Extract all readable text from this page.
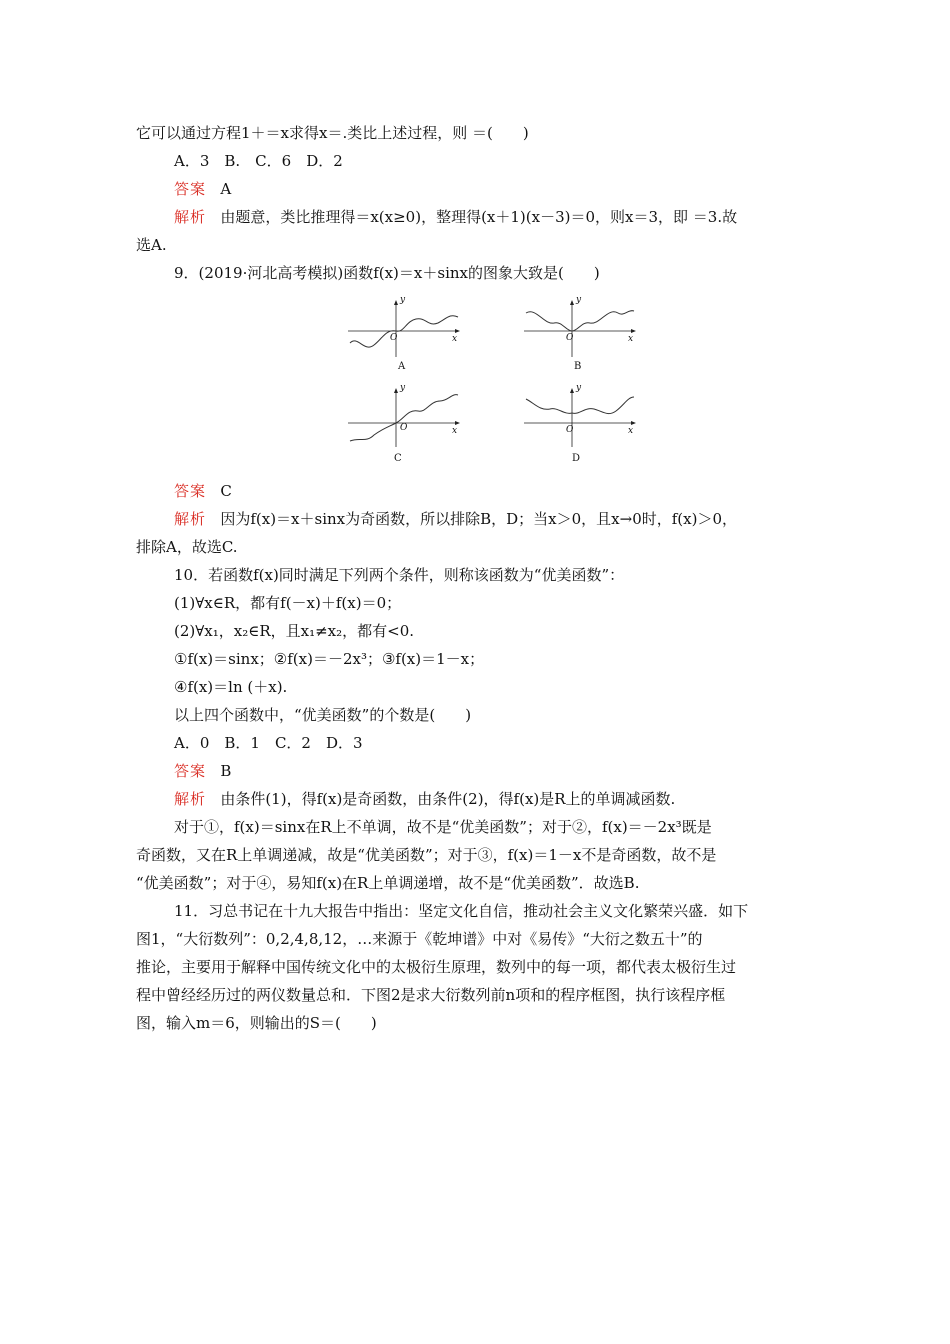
它可以通过方程1＋＝x求得x＝.类比上述过程，则 ＝(　　)
A．3　B.　C．6　D．2
答案 A
解析 由题意，类比推理得＝x(x≥0)，整理得(x＋1)(x－3)＝0，则x＝3，即 ＝3.故
选A.
9．(2019·河北高考模拟)函数f(x)＝x＋sinx的图象大致是(　　)
y
x
O
A
y
x
O
B
y
x
O
C
y
x
O
D
答案 C
解析 因为f(x)＝x＋sinx为奇函数，所以排除B，D；当x＞0，且x→0时，f(x)＞0，
排除A，故选C.
10．若函数f(x)同时满足下列两个条件，则称该函数为“优美函数”：
(1)∀x∈R，都有f(－x)＋f(x)＝0；
(2)∀x₁，x₂∈R，且x₁≠x₂，都有<0.
①f(x)＝sinx；②f(x)＝－2x³；③f(x)＝1－x；
④f(x)＝ln (＋x).
以上四个函数中，“优美函数”的个数是(　　)
A．0　B．1　C．2　D．3
答案 B
解析 由条件(1)，得f(x)是奇函数，由条件(2)，得f(x)是R上的单调减函数.
对于①，f(x)＝sinx在R上不单调，故不是“优美函数”；对于②，f(x)＝－2x³既是
奇函数，又在R上单调递减，故是“优美函数”；对于③，f(x)＝1－x不是奇函数，故不是
“优美函数”；对于④，易知f(x)在R上单调递增，故不是“优美函数”．故选B.
11．习总书记在十九大报告中指出：坚定文化自信，推动社会主义文化繁荣兴盛．如下
图1，“大衍数列”：0,2,4,8,12，…来源于《乾坤谱》中对《易传》“大衍之数五十”的
推论，主要用于解释中国传统文化中的太极衍生原理，数列中的每一项，都代表太极衍生过
程中曾经经历过的两仪数量总和．下图2是求大衍数列前n项和的程序框图，执行该程序框
图，输入m＝6，则输出的S＝(　　)
